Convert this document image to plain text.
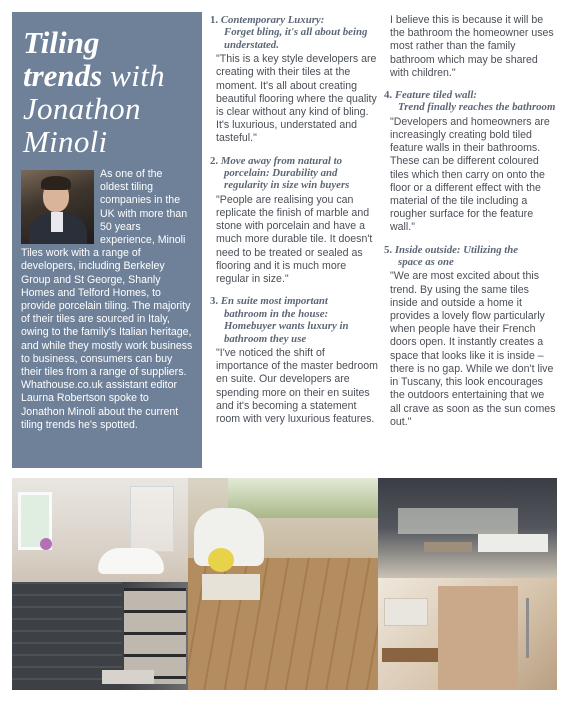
Tiling
trends with
Jonathon
Minoli

As one of the oldest tiling companies in the UK with more than 50 years experience, Minoli Tiles work with a range of developers, including Berkeley Group and St George, Shanly Homes and Telford Homes, to provide porcelain tiling. The majority of their tiles are sourced in Italy, owing to the family's Italian heritage, and while they mostly work business to business, consumers can buy their tiles from a range of suppliers. Whathouse.co.uk assistant editor Laurna Robertson spoke to Jonathon Minoli about the current tiling trends he's spotted.

1. Contemporary Luxury:
Forget bling, it's all about being understated.

"This is a key style developers are creating with their tiles at the moment. It's all about creating beautiful flooring where the quality is clear without any kind of bling. It's luxurious, understated and tasteful."

2. Move away from natural to
porcelain: Durability and regularity in size win buyers

"People are realising you can replicate the finish of marble and stone with porcelain and have a much more durable tile. It doesn't need to be treated or sealed as flooring and it is much more regular in size."

3. En suite most important
bathroom in the house: Homebuyer wants luxury in bathroom they use

"I've noticed the shift of importance of the master bedroom en suite. Our developers are spending more on their en suites and it's becoming a statement room with very luxurious features.

I believe this is because it will be the bathroom the homeowner uses most rather than the family bathroom which may be shared with children."

4. Feature tiled wall:
Trend finally reaches the bathroom

"Developers and homeowners are increasingly creating bold tiled feature walls in their bathrooms. These can be different coloured tiles which then carry on onto the floor or a different effect with the material of the tile including a rougher surface for the feature wall."

5. Inside outside: Utilizing the
space as one

"We are most excited about this trend. By using the same tiles inside and outside a home it provides a lovely flow particularly when people have their French doors open. It instantly creates a space that looks like it is inside – there is no gap. While we don't live in Tuscany, this look encourages the outdoors entertaining that we all crave as soon as the sun comes out."
